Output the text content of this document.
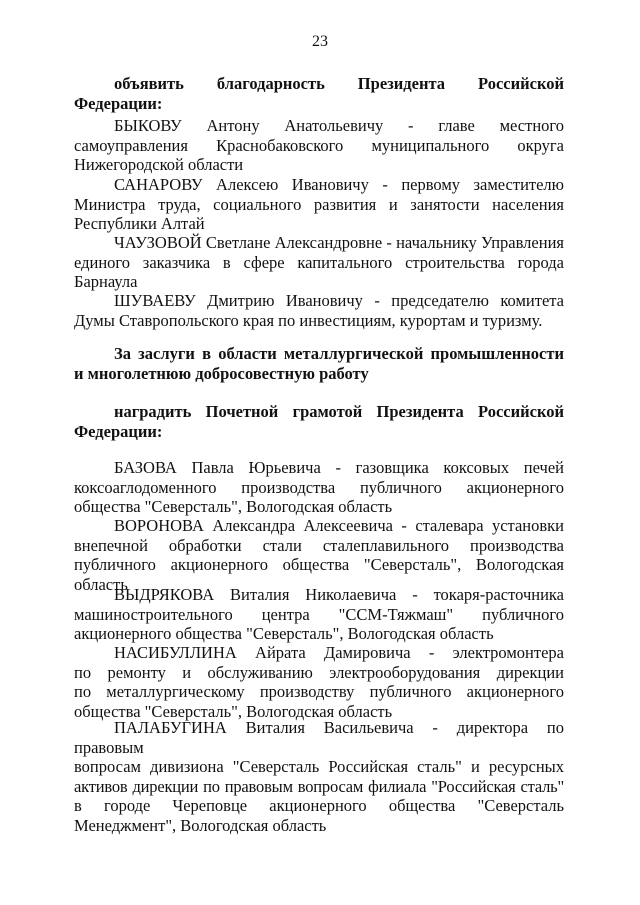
23
объявить благодарность Президента Российской Федерации:

БЫКОВУ Антону Анатольевичу - главе местного

самоуправления Краснобаковского муниципального округа

Нижегородской области

САНАРОВУ Алексею Ивановичу - первому заместителю

Министра труда, социального развития и занятости населения

Республики Алтай

ЧАУЗОВОЙ Светлане Александровне - начальнику Управления

единого заказчика в сфере капитального строительства города

Барнаула

ШУВАЕВУ Дмитрию Ивановичу - председателю комитета

Думы Ставропольского края по инвестициям, курортам и туризму.

За заслуги в области металлургической промышленности

и многолетнюю добросовестную работу

наградить Почетной грамотой Президента Российской

Федерации:

БАЗОВА Павла Юрьевича - газовщика коксовых печей

коксоаглодоменного производства публичного акционерного

общества "Северсталь", Вологодская область

ВОРОНОВА Александра Алексеевича - сталевара установки

внепечной обработки стали сталеплавильного производства

публичного акционерного общества "Северсталь", Вологодская

область

ВЫДРЯКОВА Виталия Николаевича - токаря-расточника

машиностроительного центра "ССМ-Тяжмаш" публичного

акционерного общества "Северсталь", Вологодская область

НАСИБУЛЛИНА Айрата Дамировича - электромонтера

по ремонту и обслуживанию электрооборудования дирекции

по металлургическому производству публичного акционерного

общества "Северсталь", Вологодская область

ПАЛАБУГИНА Виталия Васильевича - директора по правовым

вопросам дивизиона "Северсталь Российская сталь" и ресурсных

активов дирекции по правовым вопросам филиала "Российская сталь"

в городе Череповце акционерного общества "Северсталь

Менеджмент", Вологодская область
